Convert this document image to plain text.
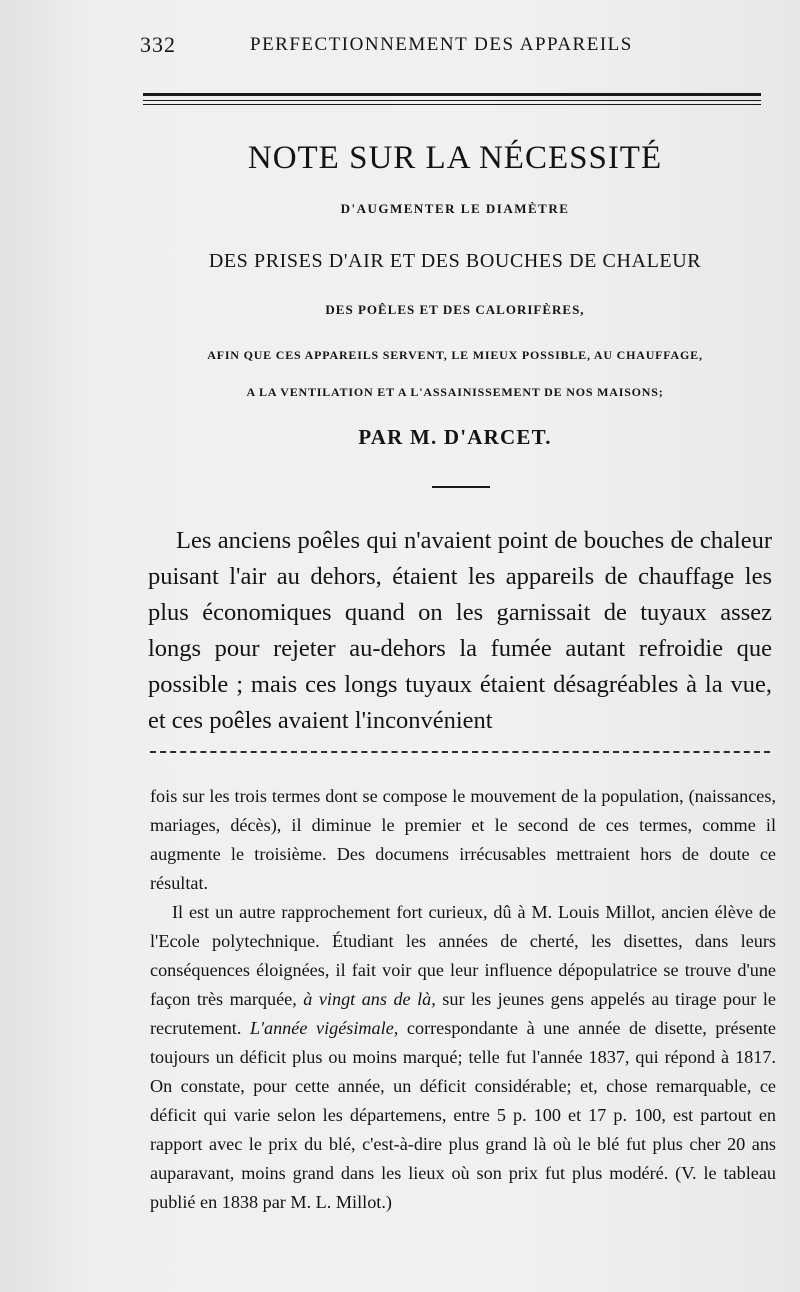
332	PERFECTIONNEMENT DES APPAREILS
NOTE SUR LA NÉCESSITÉ
D'AUGMENTER LE DIAMÈTRE
DES PRISES D'AIR ET DES BOUCHES DE CHALEUR
DES POÊLES ET DES CALORIFÈRES,
AFIN QUE CES APPAREILS SERVENT, LE MIEUX POSSIBLE, AU CHAUFFAGE,
A LA VENTILATION ET A L'ASSAINISSEMENT DE NOS MAISONS;
PAR M. D'ARCET.

Les anciens poêles qui n'avaient point de bouches de chaleur puisant l'air au dehors, étaient les appareils de chauffage les plus économiques quand on les garnissait de tuyaux assez longs pour rejeter au-dehors la fumée autant refroidie que possible ; mais ces longs tuyaux étaient désagréables à la vue, et ces poêles avaient l'inconvénient

fois sur les trois termes dont se compose le mouvement de la population, (naissances, mariages, décès), il diminue le premier et le second de ces termes, comme il augmente le troisième. Des documens irrécusables mettraient hors de doute ce résultat.

Il est un autre rapprochement fort curieux, dû à M. Louis Millot, ancien élève de l'Ecole polytechnique. Étudiant les années de cherté, les disettes, dans leurs conséquences éloignées, il fait voir que leur influence dépopulatrice se trouve d'une façon très marquée, à vingt ans de là, sur les jeunes gens appelés au tirage pour le recrutement. L'année vigésimale, correspondante à une année de disette, présente toujours un déficit plus ou moins marqué; telle fut l'année 1837, qui répond à 1817. On constate, pour cette année, un déficit considérable; et, chose remarquable, ce déficit qui varie selon les départemens, entre 5 p. 100 et 17 p. 100, est partout en rapport avec le prix du blé, c'est-à-dire plus grand là où le blé fut plus cher 20 ans auparavant, moins grand dans les lieux où son prix fut plus modéré. (V. le tableau publié en 1838 par M. L. Millot.)
